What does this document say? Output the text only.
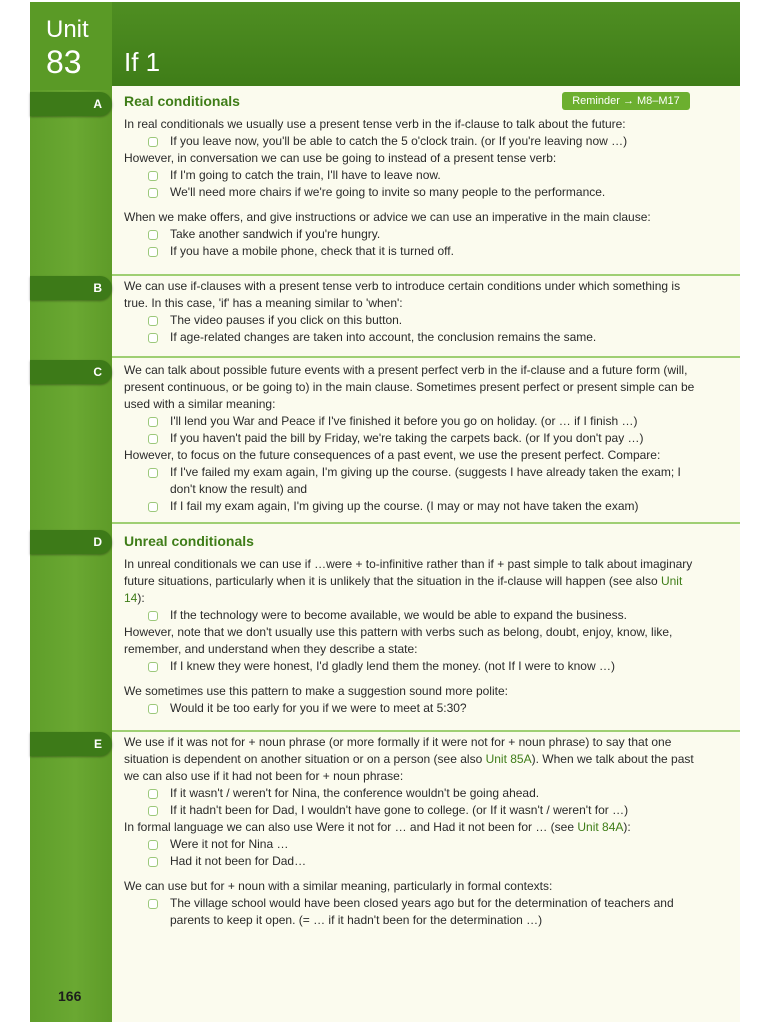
Unit
83 If 1
Reminder → M8–M17
A
B
C
D
E
Real conditionals

In real conditionals we usually use a present tense verb in the if-clause to talk about the future:

If you leave now, you'll be able to catch the 5 o'clock train. (or If you're leaving now …)

However, in conversation we can use be going to instead of a present tense verb:

If I'm going to catch the train, I'll have to leave now.

We'll need more chairs if we're going to invite so many people to the performance.

When we make offers, and give instructions or advice we can use an imperative in the main clause:

Take another sandwich if you're hungry.

If you have a mobile phone, check that it is turned off.

We can use if-clauses with a present tense verb to introduce certain conditions under which something is true. In this case, 'if' has a meaning similar to 'when':

The video pauses if you click on this button.

If age-related changes are taken into account, the conclusion remains the same.

We can talk about possible future events with a present perfect verb in the if-clause and a future form (will, present continuous, or be going to) in the main clause. Sometimes present perfect or present simple can be used with a similar meaning:

I'll lend you War and Peace if I've finished it before you go on holiday. (or … if I finish …)

If you haven't paid the bill by Friday, we're taking the carpets back. (or If you don't pay …)

However, to focus on the future consequences of a past event, we use the present perfect. Compare:

If I've failed my exam again, I'm giving up the course. (suggests I have already taken the exam; I don't know the result) and

If I fail my exam again, I'm giving up the course. (I may or may not have taken the exam)

Unreal conditionals

In unreal conditionals we can use if …were + to-infinitive rather than if + past simple to talk about imaginary future situations, particularly when it is unlikely that the situation in the if-clause will happen (see also Unit 14):

If the technology were to become available, we would be able to expand the business.

However, note that we don't usually use this pattern with verbs such as belong, doubt, enjoy, know, like, remember, and understand when they describe a state:

If I knew they were honest, I'd gladly lend them the money. (not If I were to know …)

We sometimes use this pattern to make a suggestion sound more polite:

Would it be too early for you if we were to meet at 5:30?

We use if it was not for + noun phrase (or more formally if it were not for + noun phrase) to say that one situation is dependent on another situation or on a person (see also Unit 85A). When we talk about the past we can also use if it had not been for + noun phrase:

If it wasn't / weren't for Nina, the conference wouldn't be going ahead.

If it hadn't been for Dad, I wouldn't have gone to college. (or If it wasn't / weren't for …)

In formal language we can also use Were it not for … and Had it not been for … (see Unit 84A):

Were it not for Nina …

Had it not been for Dad…

We can use but for + noun with a similar meaning, particularly in formal contexts:

The village school would have been closed years ago but for the determination of teachers and parents to keep it open. (= … if it hadn't been for the determination …)

166
